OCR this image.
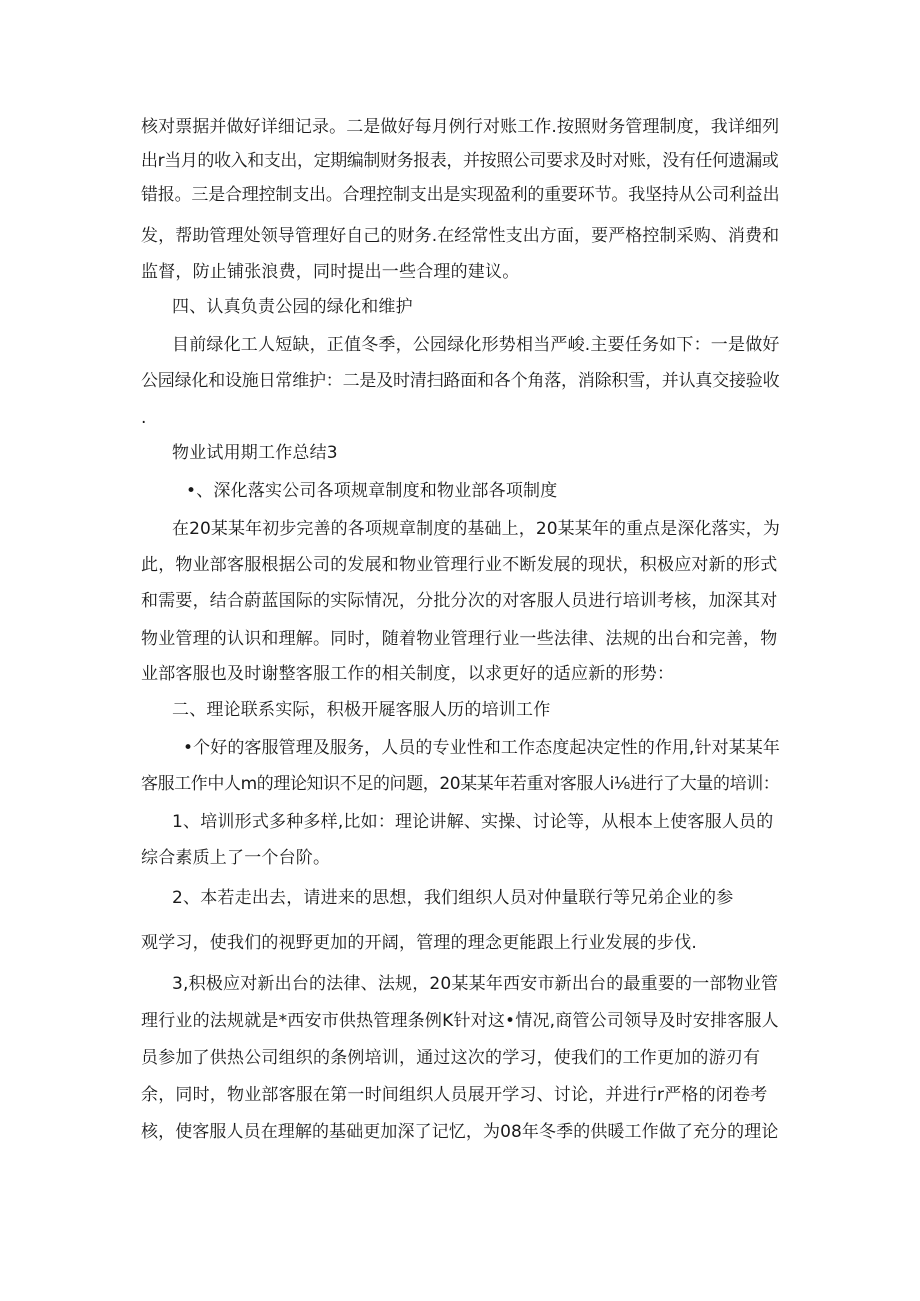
核对票据并做好详细记录。二是做好每月例行对账工作.按照财务管理制度，我详细列
出r当月的收入和支出，定期编制财务报表，并按照公司要求及时对账，没有任何遗漏或
错报。三是合理控制支出。合理控制支出是实现盈利的重要环节。我坚持从公司利益出
发，帮助管理处领导管理好自己的财务.在经常性支出方面，要严格控制采购、消费和
监督，防止铺张浪费，同时提出一些合理的建议。
四、认真负责公园的绿化和维护
目前绿化工人短缺，正值冬季，公园绿化形势相当严峻.主要任务如下：一是做好
公园绿化和设施日常维护：二是及时清扫路面和各个角落，消除积雪，并认真交接验收
.
物业试用期工作总结3
•、深化落实公司各项规章制度和物业部各项制度
在20某某年初步完善的各项规章制度的基础上，20某某年的重点是深化落实，为
此，物业部客服根据公司的发展和物业管理行业不断发展的现状，积极应对新的形式
和需要，结合蔚蓝国际的实际情况，分批分次的对客服人员进行培训考核，加深其对
物业管理的认识和理解。同时，随着物业管理行业一些法律、法规的出台和完善，物
业部客服也及时谢整客服工作的相关制度，以求更好的适应新的形势：
二、理论联系实际，积极开屣客服人历的培训工作
•个好的客服管理及服务，人员的专业性和工作态度起决定性的作用,针对某某年
客服工作中人m的理论知识不足的问题，20某某年若重对客服人i⅛进行了大量的培训：
1、培训形式多种多样,比如：理论讲解、实操、讨论等，从根本上使客服人员的
综合素质上了一个台阶。
2、本若走出去，请进来的思想，我们组织人员对仲量联行等兄弟企业的参
观学习，使我们的视野更加的开阔，管理的理念更能跟上行业发展的步伐.
3,积极应对新出台的法律、法规，20某某年西安市新出台的最重要的一部物业管
理行业的法规就是*西安市供热管理条例K针对这•情况,商管公司领导及时安排客服人
员参加了供热公司组织的条例培训，通过这次的学习，使我们的工作更加的游刃有
余，同时，物业部客服在第一时间组织人员展开学习、讨论，并进行r严格的闭卷考
核，使客服人员在理解的基础更加深了记忆，为08年冬季的供暖工作做了充分的理论
